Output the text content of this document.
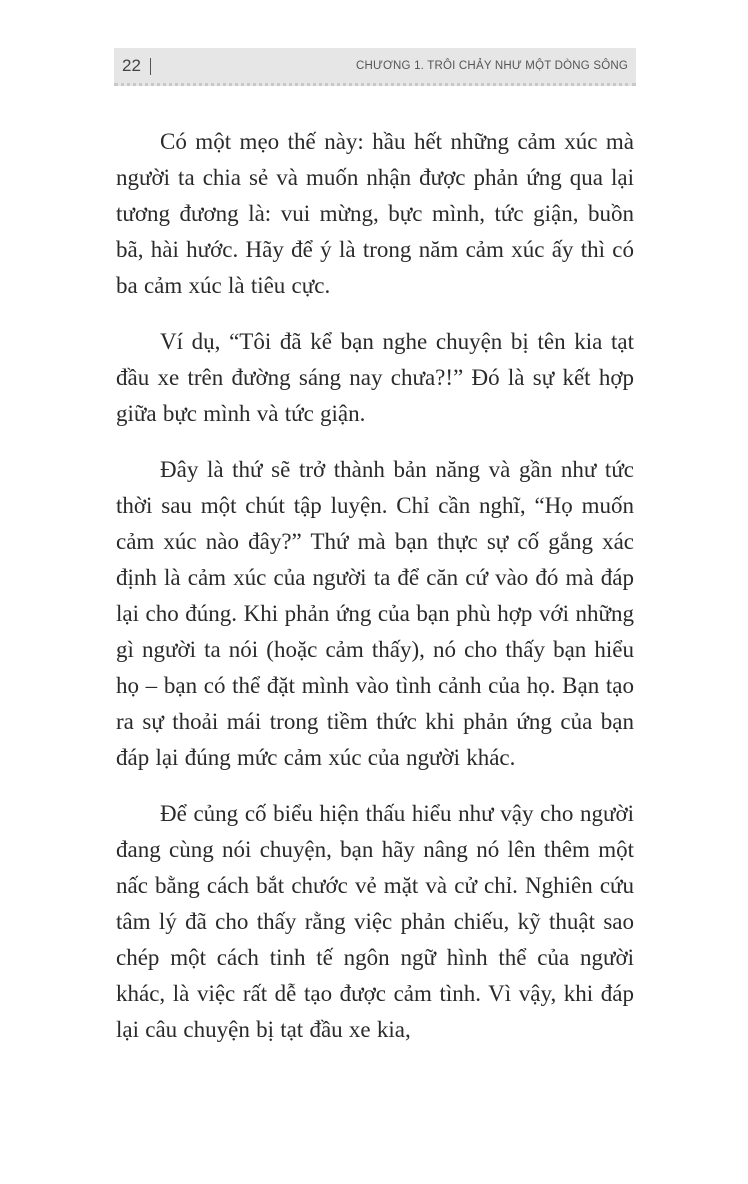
22	CHƯƠNG 1. TRÔI CHẢY NHƯ MỘT DÒNG SÔNG

Có một mẹo thế này: hầu hết những cảm xúc mà người ta chia sẻ và muốn nhận được phản ứng qua lại tương đương là: vui mừng, bực mình, tức giận, buồn bã, hài hước. Hãy để ý là trong năm cảm xúc ấy thì có ba cảm xúc là tiêu cực.

Ví dụ, “Tôi đã kể bạn nghe chuyện bị tên kia tạt đầu xe trên đường sáng nay chưa?!” Đó là sự kết hợp giữa bực mình và tức giận.

Đây là thứ sẽ trở thành bản năng và gần như tức thời sau một chút tập luyện. Chỉ cần nghĩ, “Họ muốn cảm xúc nào đây?” Thứ mà bạn thực sự cố gắng xác định là cảm xúc của người ta để căn cứ vào đó mà đáp lại cho đúng. Khi phản ứng của bạn phù hợp với những gì người ta nói (hoặc cảm thấy), nó cho thấy bạn hiểu họ – bạn có thể đặt mình vào tình cảnh của họ. Bạn tạo ra sự thoải mái trong tiềm thức khi phản ứng của bạn đáp lại đúng mức cảm xúc của người khác.

Để củng cố biểu hiện thấu hiểu như vậy cho người đang cùng nói chuyện, bạn hãy nâng nó lên thêm một nấc bằng cách bắt chước vẻ mặt và cử chỉ. Nghiên cứu tâm lý đã cho thấy rằng việc phản chiếu, kỹ thuật sao chép một cách tinh tế ngôn ngữ hình thể của người khác, là việc rất dễ tạo được cảm tình. Vì vậy, khi đáp lại câu chuyện bị tạt đầu xe kia,
